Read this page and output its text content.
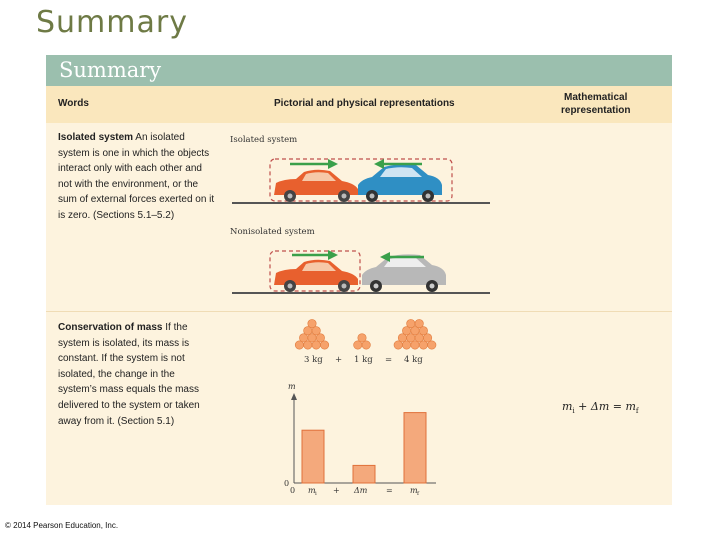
Summary
Summary
Words	Pictorial and physical representations
Mathematical
representation
Isolated system An isolated system is one in which the objects interact only with each other and not with the environment, or the sum of external forces exerted on it is zero. (Sections 5.1–5.2)
Conservation of mass If the system is isolated, its mass is constant. If the system is not isolated, the change in the system’s mass equals the mass delivered to the system or taken away from it. (Section 5.1)
Isolated system
Nonisolated system
3 kg + 1 kg = 4 kg
m
0
0 m i + Δm = m f
$m_i + \Delta m = m_f$
© 2014 Pearson Education, Inc.
